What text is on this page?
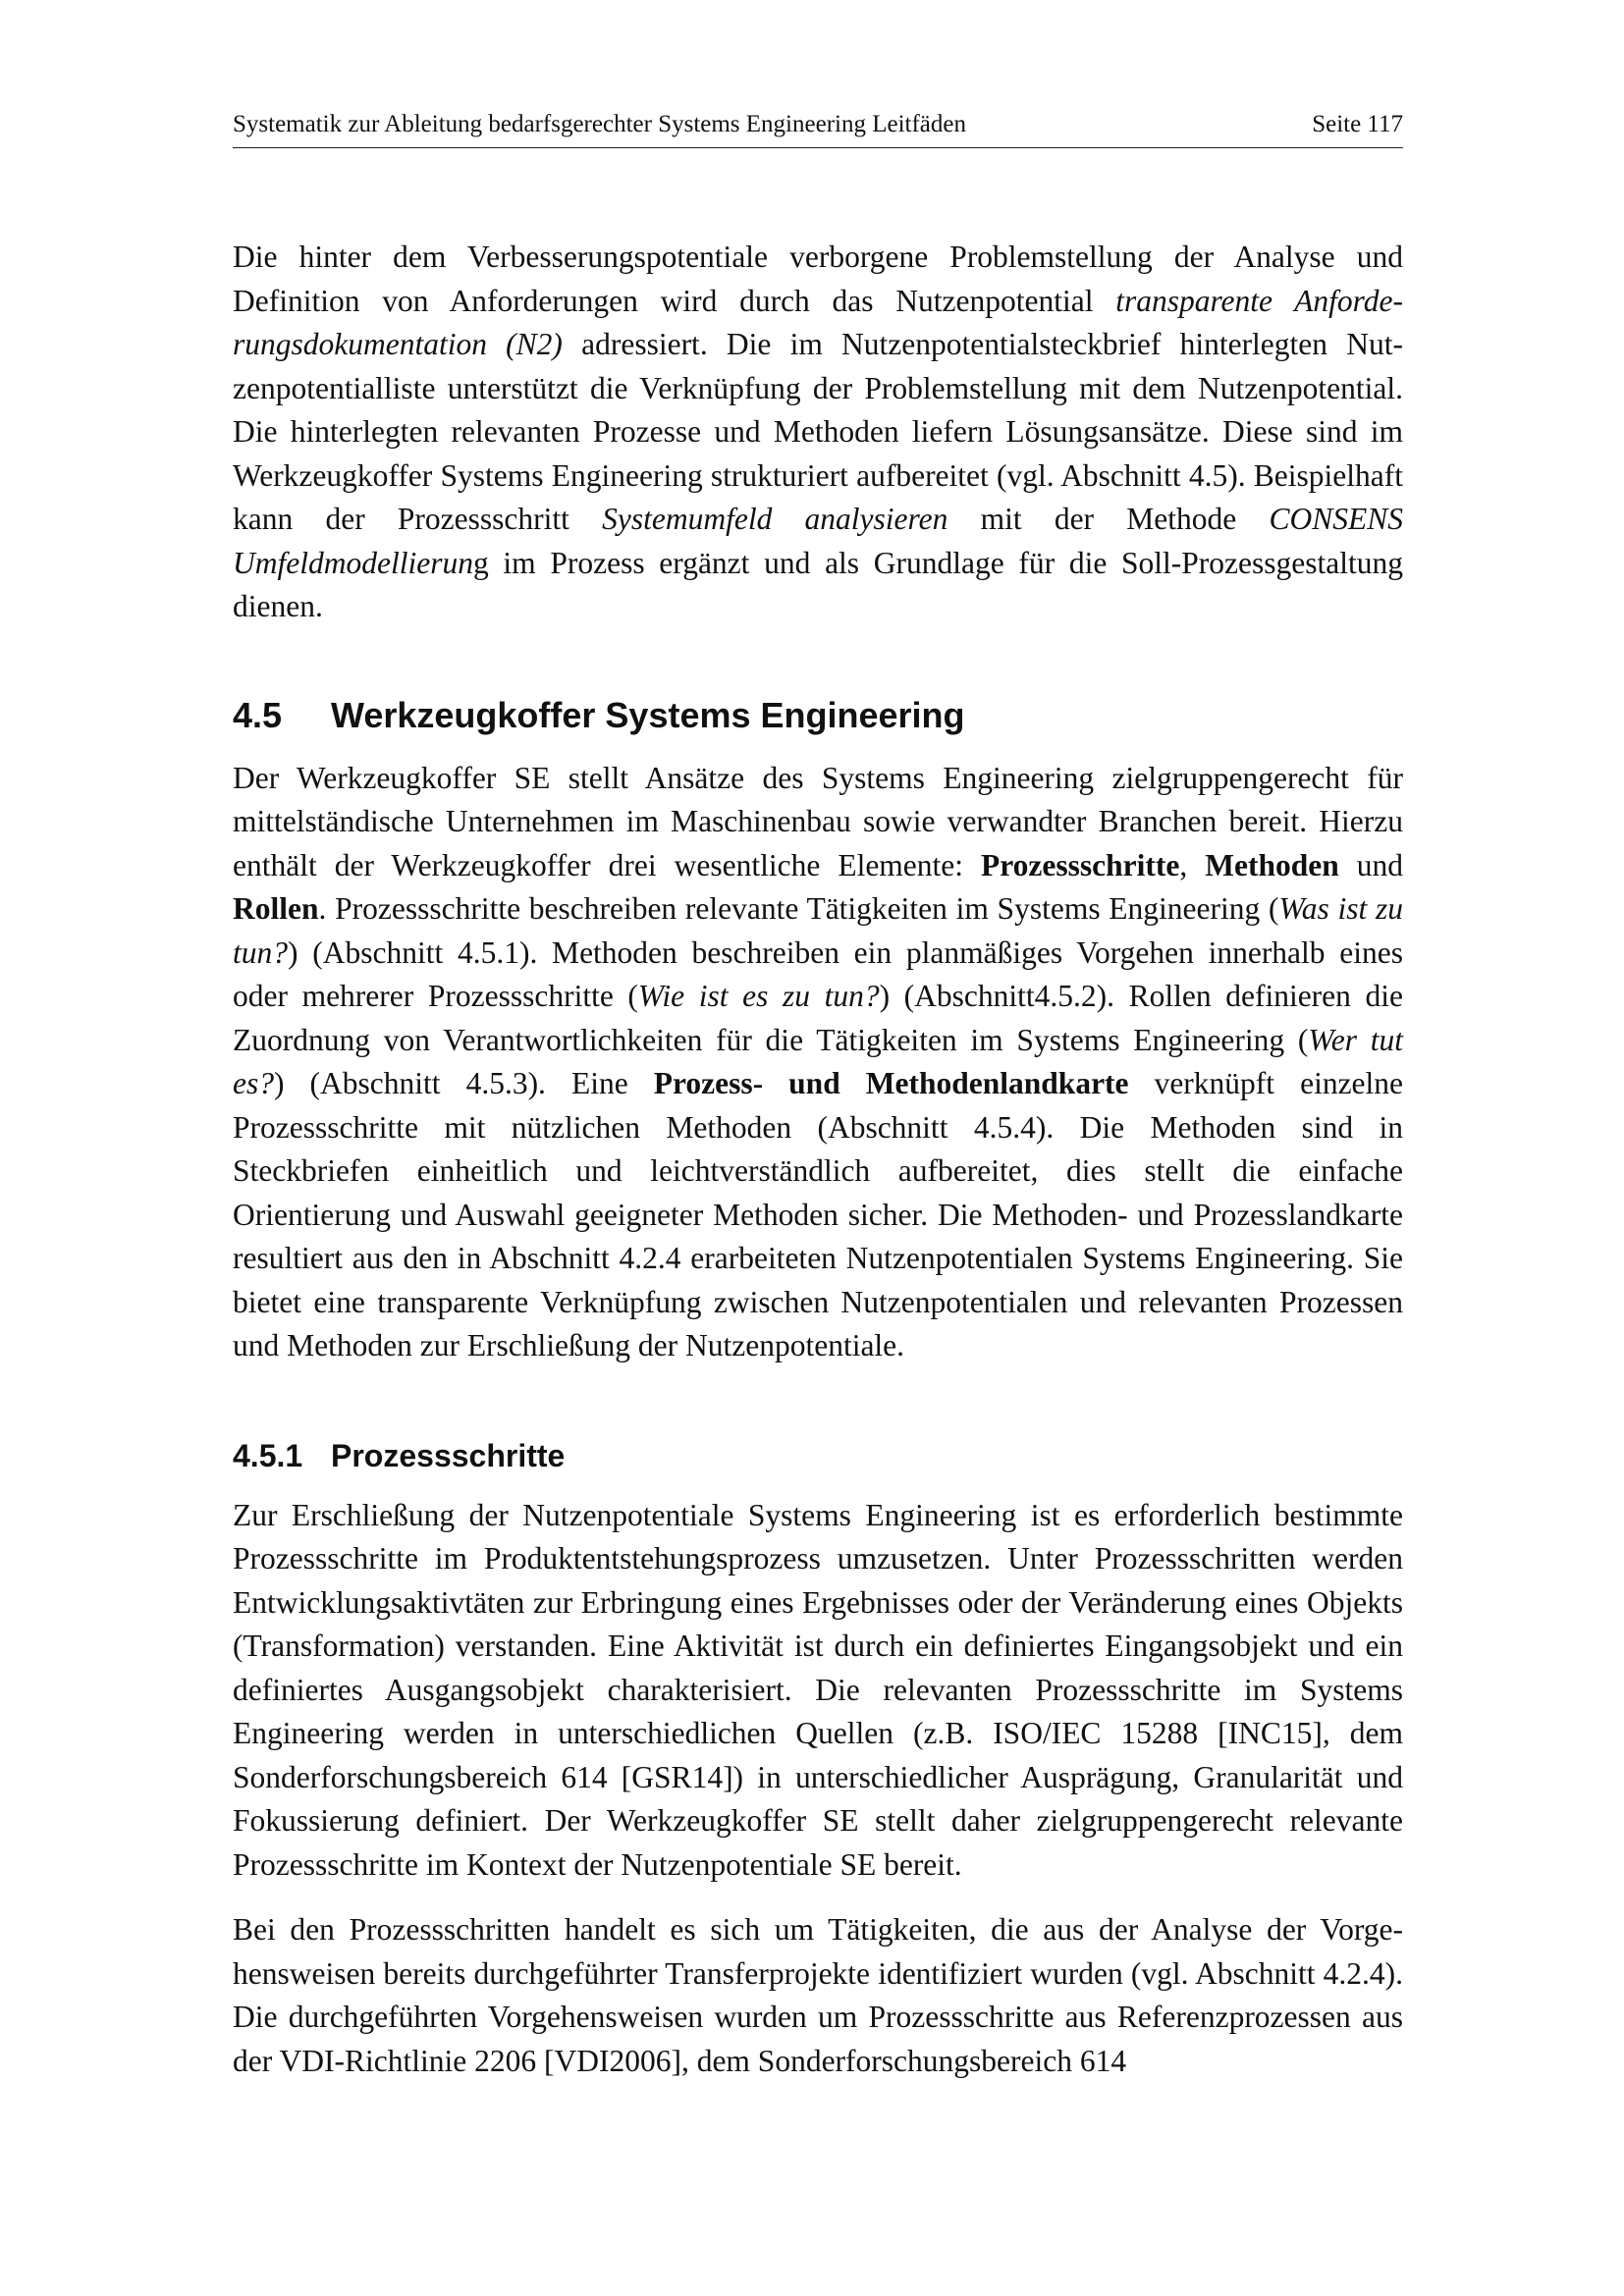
Systematik zur Ableitung bedarfsgerechter Systems Engineering Leitfäden	Seite 117

Die hinter dem Verbesserungspotentiale verborgene Problemstellung der Analyse und Definition von Anforderungen wird durch das Nutzenpotential transparente Anforderungsdokumentation (N2) adressiert. Die im Nutzenpotentialsteckbrief hinterlegten Nutzenpotentialliste unterstützt die Verknüpfung der Problemstellung mit dem Nutzenpotential. Die hinterlegten relevanten Prozesse und Methoden liefern Lösungsansätze. Diese sind im Werkzeugkoffer Systems Engineering strukturiert aufbereitet (vgl. Abschnitt 4.5). Beispielhaft kann der Prozessschritt Systemumfeld analysieren mit der Methode CONSENS Umfeldmodellierung im Prozess ergänzt und als Grundlage für die Soll-Prozessgestaltung dienen.

4.5 Werkzeugkoffer Systems Engineering

Der Werkzeugkoffer SE stellt Ansätze des Systems Engineering zielgruppengerecht für mittelständische Unternehmen im Maschinenbau sowie verwandter Branchen bereit. Hierzu enthält der Werkzeugkoffer drei wesentliche Elemente: Prozessschritte, Methoden und Rollen. Prozessschritte beschreiben relevante Tätigkeiten im Systems Engineering (Was ist zu tun?) (Abschnitt 4.5.1). Methoden beschreiben ein planmäßiges Vorgehen innerhalb eines oder mehrerer Prozessschritte (Wie ist es zu tun?) (Abschnitt4.5.2). Rollen definieren die Zuordnung von Verantwortlichkeiten für die Tätigkeiten im Systems Engineering (Wer tut es?) (Abschnitt 4.5.3). Eine Prozess- und Methodenlandkarte verknüpft einzelne Prozessschritte mit nützlichen Methoden (Abschnitt 4.5.4). Die Methoden sind in Steckbriefen einheitlich und leichtverständlich aufbereitet, dies stellt die einfache Orientierung und Auswahl geeigneter Methoden sicher. Die Methoden- und Prozesslandkarte resultiert aus den in Abschnitt 4.2.4 erarbeiteten Nutzenpotentialen Systems Engineering. Sie bietet eine transparente Verknüpfung zwischen Nutzenpotentialen und relevanten Prozessen und Methoden zur Erschließung der Nutzenpotentiale.

4.5.1 Prozessschritte

Zur Erschließung der Nutzenpotentiale Systems Engineering ist es erforderlich bestimmte Prozessschritte im Produktentstehungsprozess umzusetzen. Unter Prozessschritten werden Entwicklungsaktivtäten zur Erbringung eines Ergebnisses oder der Veränderung eines Objekts (Transformation) verstanden. Eine Aktivität ist durch ein definiertes Eingangsobjekt und ein definiertes Ausgangsobjekt charakterisiert. Die relevanten Prozessschritte im Systems Engineering werden in unterschiedlichen Quellen (z.B. ISO/IEC 15288 [INC15], dem Sonderforschungsbereich 614 [GSR14]) in unterschiedlicher Ausprägung, Granularität und Fokussierung definiert. Der Werkzeugkoffer SE stellt daher zielgruppengerecht relevante Prozessschritte im Kontext der Nutzenpotentiale SE bereit.

Bei den Prozessschritten handelt es sich um Tätigkeiten, die aus der Analyse der Vorgehensweisen bereits durchgeführter Transferprojekte identifiziert wurden (vgl. Abschnitt 4.2.4). Die durchgeführten Vorgehensweisen wurden um Prozessschritte aus Referenzprozessen aus der VDI-Richtlinie 2206 [VDI2006], dem Sonderforschungsbereich 614
